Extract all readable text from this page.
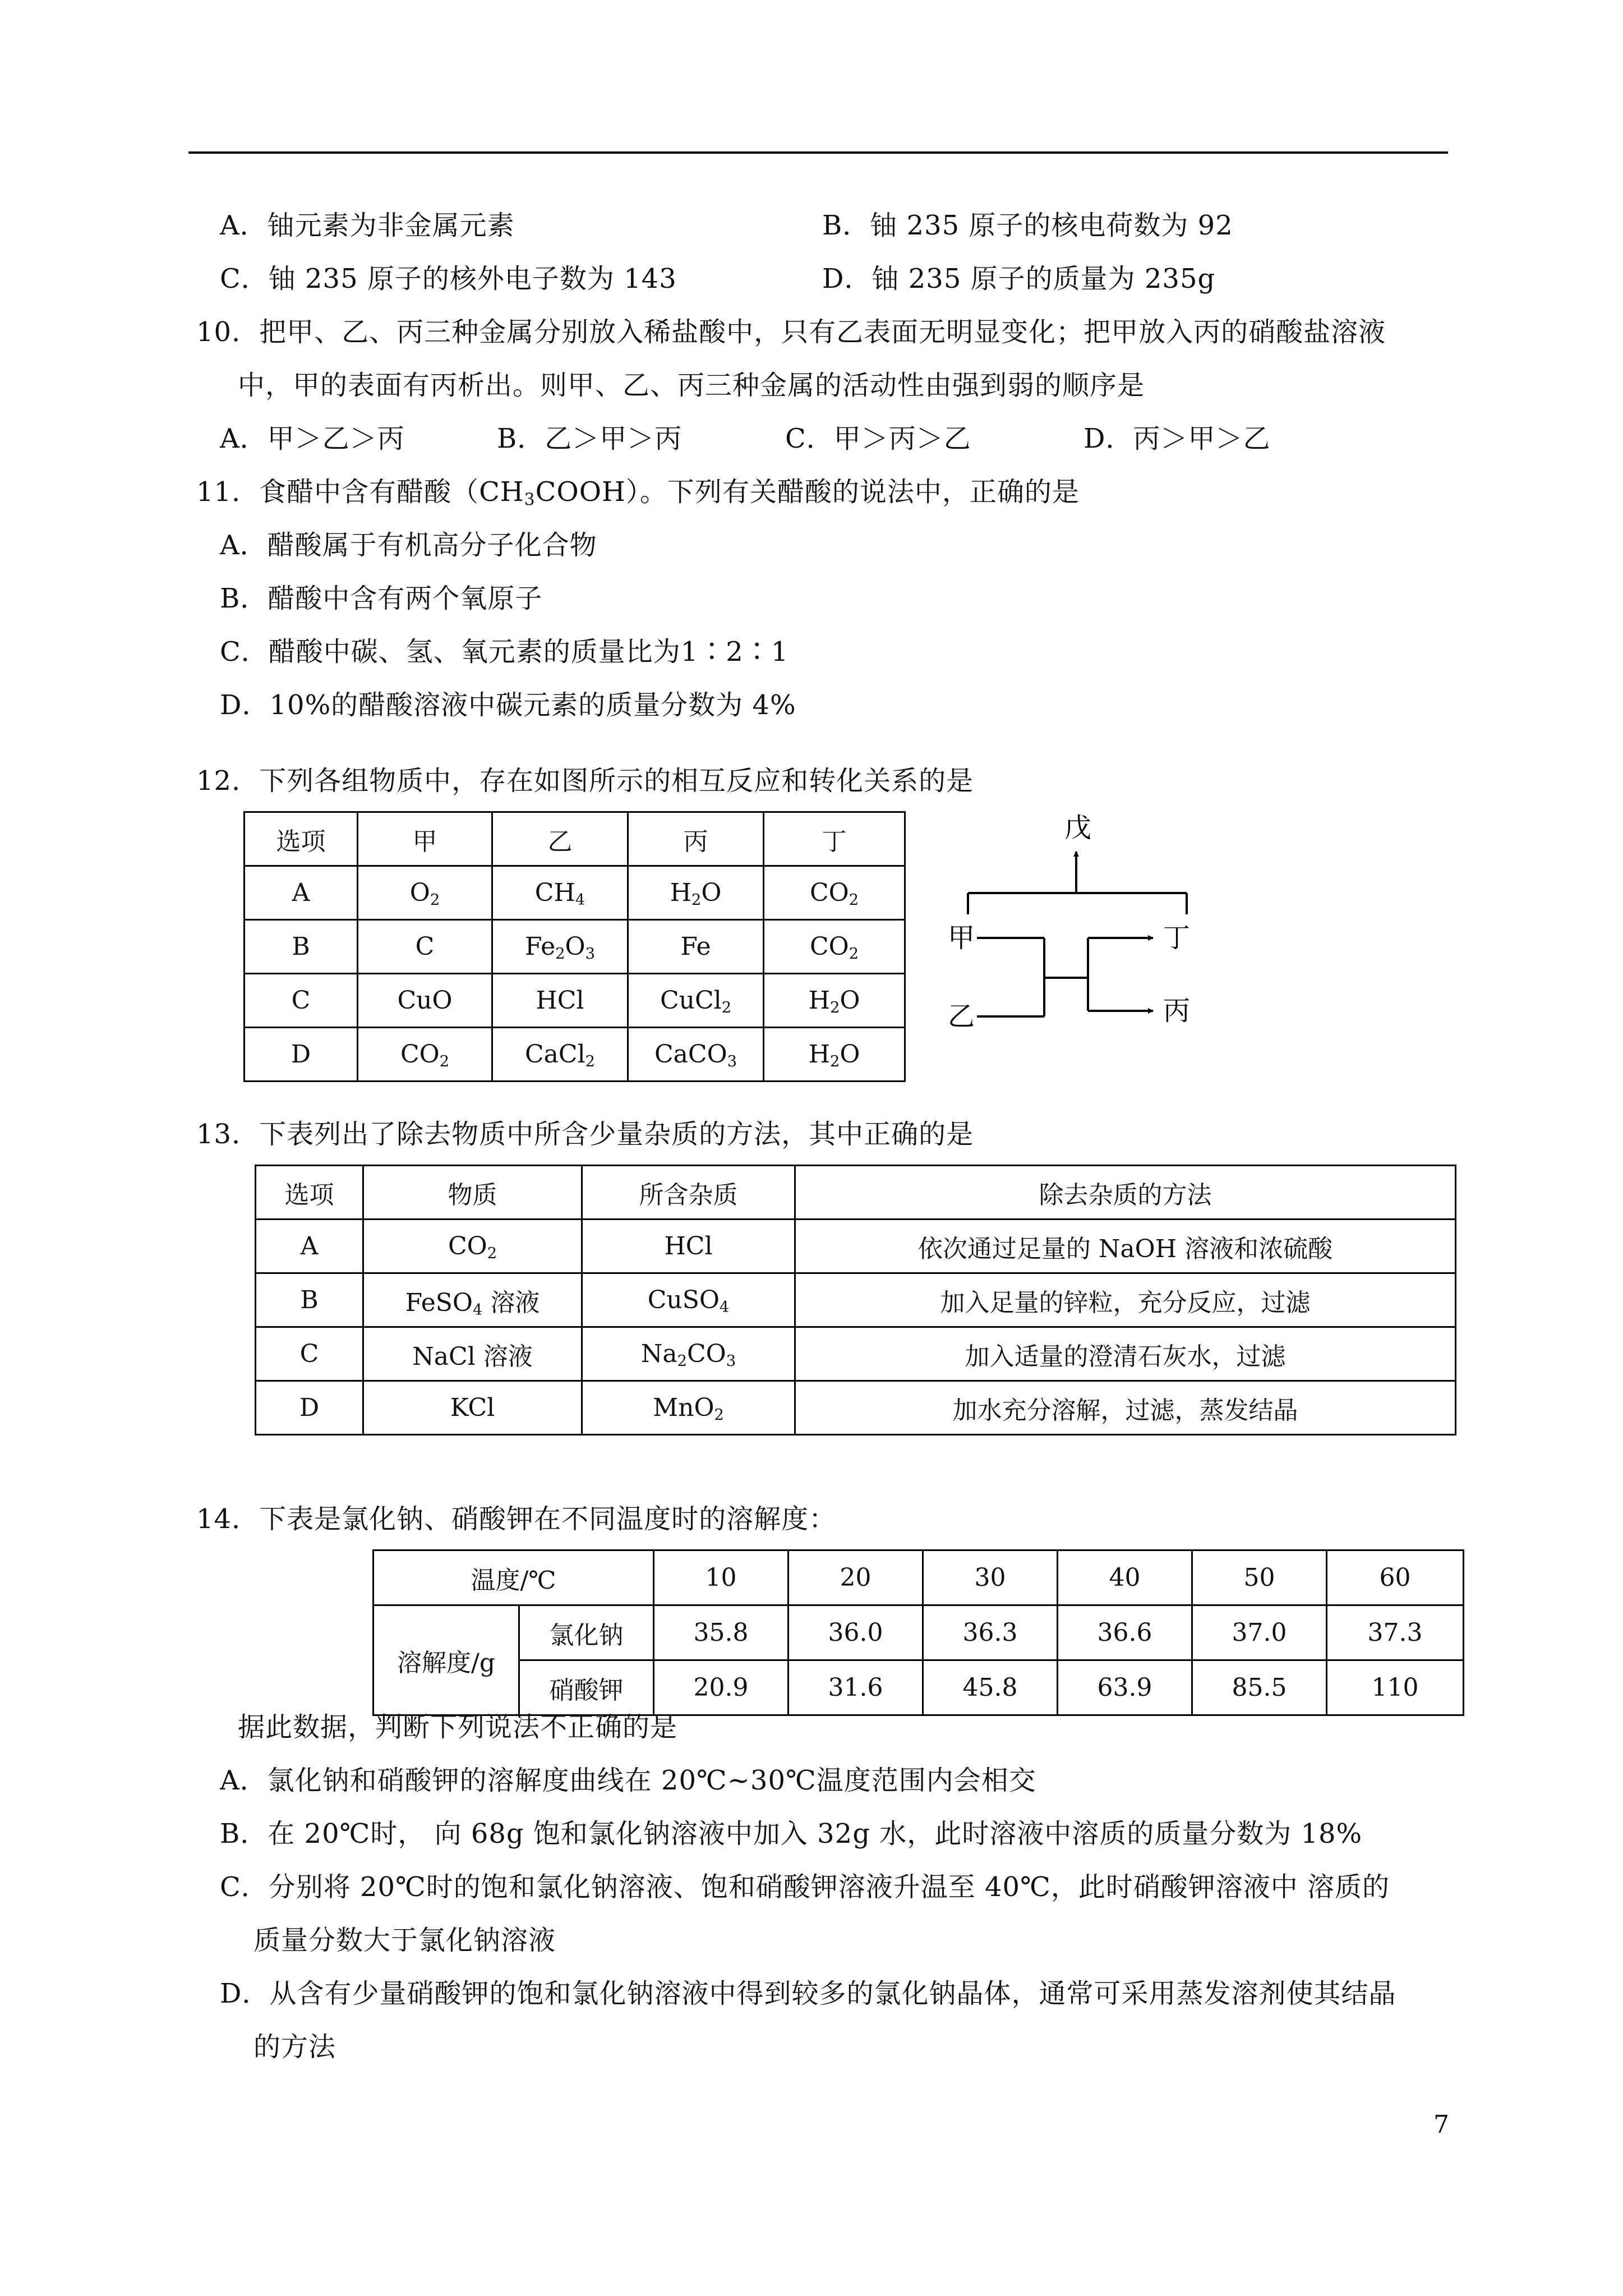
A．铀元素为非金属元素	B．铀 235 原子的核电荷数为 92
C．铀 235 原子的核外电子数为 143	D．铀 235 原子的质量为 235g
10．把甲、乙、丙三种金属分别放入稀盐酸中，只有乙表面无明显变化；把甲放入丙的硝酸盐溶液
中，甲的表面有丙析出。则甲、乙、丙三种金属的活动性由强到弱的顺序是
A．甲＞乙＞丙	B．乙＞甲＞丙	C．甲＞丙＞乙	D．丙＞甲＞乙
11．食醋中含有醋酸$(CH_3COOH)$。下列有关醋酸的说法中，正确的是
A．醋酸属于有机高分子化合物
B．醋酸中含有两个氧原子
C．醋酸中碳、氢、氧元素的质量比为1∶2∶1
D．10%的醋酸溶液中碳元素的质量分数为 4%
12．下列各组物质中，存在如图所示的相互反应和转化关系的是
选项	甲	乙	丙	丁
A	$O_2$	$CH_4$	$H_2O$	$CO_2$
B	C	$Fe_2O_3$	Fe	$CO_2$
C	CuO	HCl	CuCl$_2$	$H_2O$
D	$CO_2$	CaCl$_2$	CaCO$_3$	$H_2O$
戊
甲
乙
丁
丙
13．下表列出了除去物质中所含少量杂质的方法，其中正确的是
选项	物质	所含杂质	除去杂质的方法
A	$CO_2$	HCl	依次通过足量的 NaOH 溶液和浓硫酸
B	FeSO$_4$ 溶液	CuSO$_4$	加入足量的锌粒，充分反应，过滤
C	NaCl 溶液	$Na_2CO_3$	加入适量的澄清石灰水，过滤
D	KCl	MnO$_2$	加水充分溶解，过滤，蒸发结晶
14．下表是氯化钠、硝酸钾在不同温度时的溶解度：
温度/℃		10	20	30	40	50	60
溶解度/g	氯化钠	35.8	36.0	36.3	36.6	37.0	37.3
	硝酸钾	20.9	31.6	45.8	63.9	85.5	110
据此数据，判断下列说法不正确的是
A．氯化钠和硝酸钾的溶解度曲线在 20℃~30℃温度范围内会相交
B．在 20℃时， 向 68g 饱和氯化钠溶液中加入 32g 水，此时溶液中溶质的质量分数为 18%
C．分别将 20℃时的饱和氯化钠溶液、饱和硝酸钾溶液升温至 40℃，此时硝酸钾溶液中 溶质的
质量分数大于氯化钠溶液
D．从含有少量硝酸钾的饱和氯化钠溶液中得到较多的氯化钠晶体，通常可采用蒸发溶剂使其结晶
的方法
7
